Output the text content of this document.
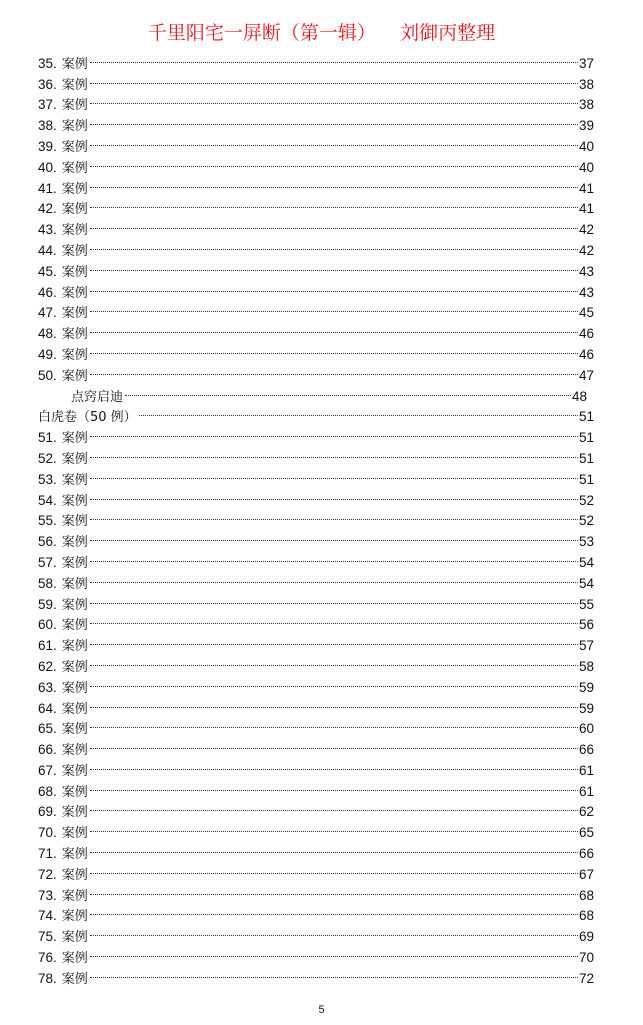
千里阳宅一屏断（第一辑）    刘御丙整理
35. 案例	37
36. 案例	38
37. 案例	38
38. 案例	39
39. 案例	40
40. 案例	40
41. 案例	41
42. 案例	41
43. 案例	42
44. 案例	42
45. 案例	43
46. 案例	43
47. 案例	45
48. 案例	46
49. 案例	46
50. 案例	47
点窍启迪	48
白虎卷（50 例）	51
51. 案例	51
52. 案例	51
53. 案例	51
54. 案例	52
55. 案例	52
56. 案例	53
57. 案例	54
58. 案例	54
59. 案例	55
60. 案例	56
61. 案例	57
62. 案例	58
63. 案例	59
64. 案例	59
65. 案例	60
66. 案例	66
67. 案例	61
68. 案例	61
69. 案例	62
70. 案例	65
71. 案例	66
72. 案例	67
73. 案例	68
74. 案例	68
75. 案例	69
76. 案例	70
78. 案例	72
5
